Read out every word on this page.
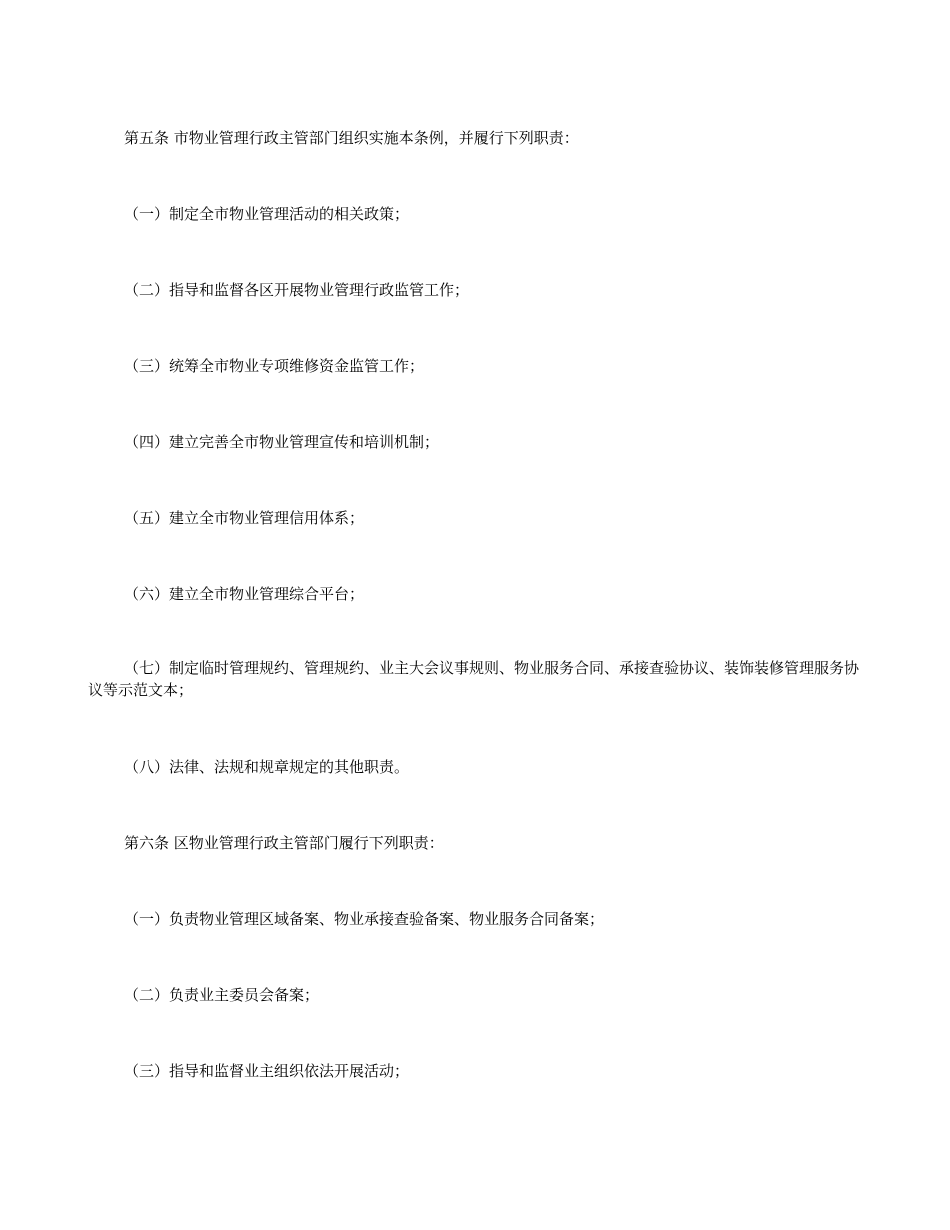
第五条 市物业管理行政主管部门组织实施本条例，并履行下列职责：

（一）制定全市物业管理活动的相关政策；

（二）指导和监督各区开展物业管理行政监管工作；

（三）统筹全市物业专项维修资金监管工作；

（四）建立完善全市物业管理宣传和培训机制；

（五）建立全市物业管理信用体系；

（六）建立全市物业管理综合平台；

（七）制定临时管理规约、管理规约、业主大会议事规则、物业服务合同、承接查验协议、装饰装修管理服务协议等示范文本；

（八）法律、法规和规章规定的其他职责。

第六条 区物业管理行政主管部门履行下列职责：

（一）负责物业管理区域备案、物业承接查验备案、物业服务合同备案；

（二）负责业主委员会备案；

（三）指导和监督业主组织依法开展活动；
